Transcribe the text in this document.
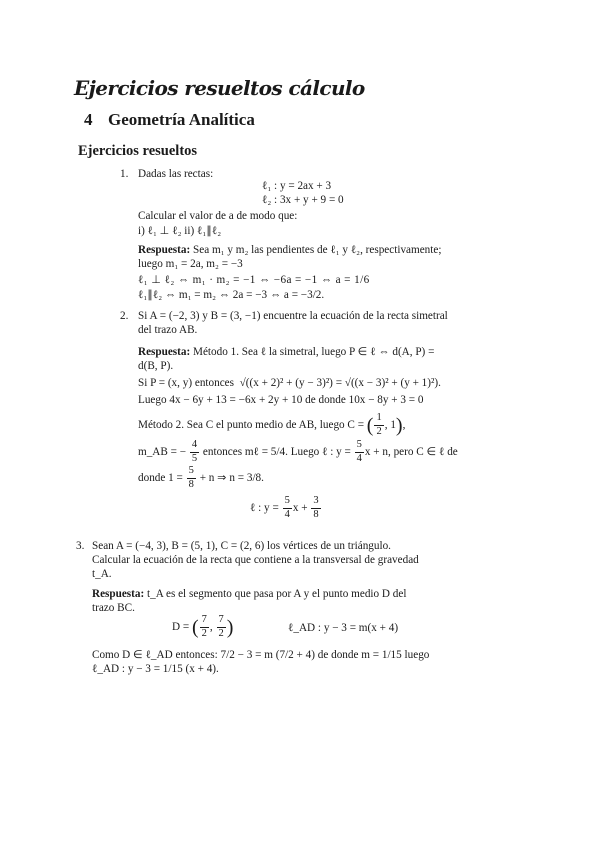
Ejercicios resueltos cálculo
4 Geometría Analítica
Ejercicios resueltos
1. Dadas las rectas:
ℓ₁ : y = 2ax + 3
ℓ₂ : 3x + y + 9 = 0
Calcular el valor de a de modo que:
i) ℓ₁ ⊥ ℓ₂ ii) ℓ₁∥ℓ₂
Respuesta: Sea m₁ y m₂ las pendientes de ℓ₁ y ℓ₂, respectivamente;
luego m₁ = 2a, m₂ = −3
ℓ₁ ⊥ ℓ₂ ⇔ m₁ · m₂ = −1 ⇔ −6a = −1 ⇔ a = 1/6
ℓ₁∥ℓ₂ ⇔ m₁ = m₂ ⇔ 2a = −3 ⇔ a = −3/2.
2. Si A = (−2, 3) y B = (3, −1) encuentre la ecuación de la recta simetral
del trazo AB.
Respuesta: Método 1. Sea ℓ la simetral, luego P ∈ ℓ ⇔ d(A, P) =
d(B, P).
Si P = (x, y) entonces √((x + 2)² + (y − 3)²) = √((x − 3)² + (y + 1)²).
Luego 4x − 6y + 13 = −6x + 2y + 10 de donde 10x − 8y + 3 = 0
Método 2. Sea C el punto medio de AB, luego C = ( $\frac{1}{2}$ , 1),
m_AB = − $\frac{4}{5}$ entonces mℓ = 5/4. Luego ℓ : $y = \frac{5}{4}$ x + n, pero C ∈ ℓ de
donde $1 = \frac{5}{8} + n$ ⇒ n = 3/8.
ℓ : $y = \frac{5}{4}$ $x + \frac{3}{8}$
3. Sean A = (−4, 3), B = (5, 1), C = (2, 6) los vértices de un triángulo.
Calcular la ecuación de la recta que contiene a la transversal de gravedad
t_A.
Respuesta: t_A es el segmento que pasa por A y el punto medio D del
trazo BC.
D = ( $\frac{7}{2}$ , $\frac{7}{2}$ )	ℓ_AD : y − 3 = m(x + 4)
Como D ∈ ℓ_AD entonces: 7/2 − 3 = m (7/2 + 4) de donde m = 1/15 luego
ℓ_AD : y − 3 = 1/15 (x + 4).
